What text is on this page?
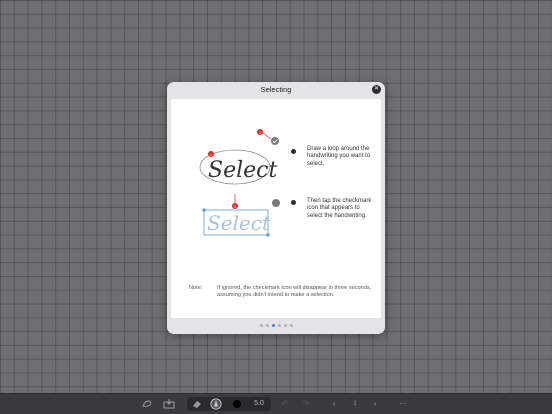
Selecting	✕
Select
1
2
Select
3
Draw a loop around the handwriting you want to select.
Then tap the checkmark icon that appears to select the handwriting.
Note:	If ignored, the checkmark icon will disappear in three seconds, assuming you didn't intend to make a selection.
5.0	↶	↷	‹	1	›	···
